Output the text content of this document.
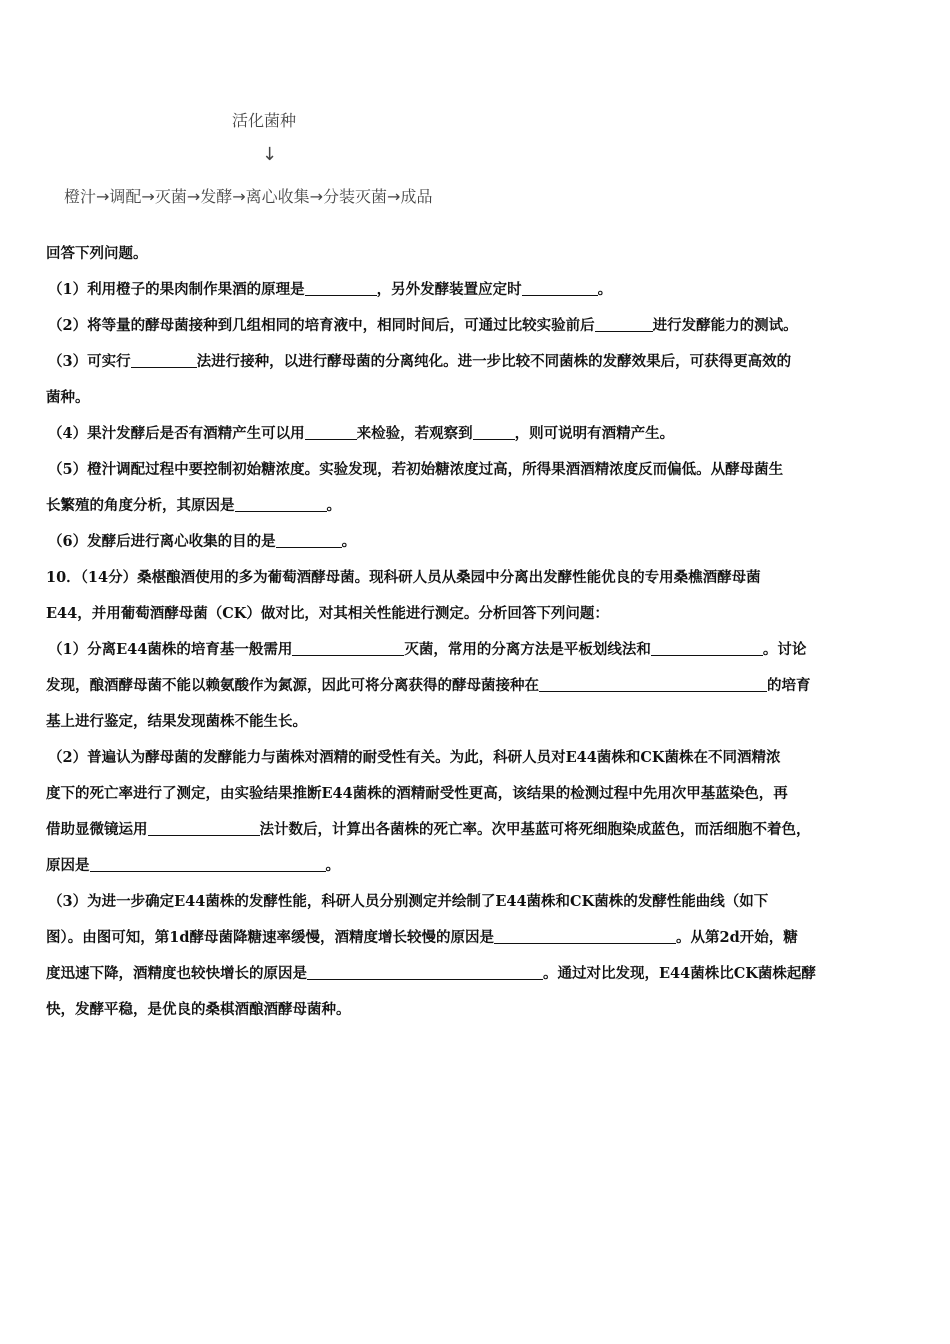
活化菌种
↓
橙汁→调配→灭菌→发酵→离心收集→分装灭菌→成品
回答下列问题。
（1）利用橙子的果肉制作果酒的原理是	，另外发酵装置应定时	。
（2）将等量的酵母菌接种到几组相同的培育液中，相同时间后，可通过比较实验前后	进行发酵能力的测试。
（3）可实行	法进行接种，以进行酵母菌的分离纯化。进一步比较不同菌株的发酵效果后，可获得更高效的
菌种。
（4）果汁发酵后是否有酒精产生可以用	来检验，若观察到	，则可说明有酒精产生。
（5）橙汁调配过程中要控制初始糖浓度。实验发现，若初始糖浓度过高，所得果酒酒精浓度反而偏低。从酵母菌生
长繁殖的角度分析，其原因是	。
（6）发酵后进行离心收集的目的是	。
10．（14分）桑椹酿酒使用的多为葡萄酒酵母菌。现科研人员从桑园中分离出发酵性能优良的专用桑樵酒酵母菌
E44，并用葡萄酒酵母菌（CK）做对比，对其相关性能进行测定。分析回答下列问题：
（1）分离E44菌株的培育基一般需用	灭菌，常用的分离方法是平板划线法和	。讨论
发现，酿酒酵母菌不能以赖氨酸作为氮源，因此可将分离获得的酵母菌接种在	的培育
基上进行鉴定，结果发现菌株不能生长。
（2）普遍认为酵母菌的发酵能力与菌株对酒精的耐受性有关。为此，科研人员对E44菌株和CK菌株在不同酒精浓
度下的死亡率进行了测定，由实验结果推断E44菌株的酒精耐受性更高，该结果的检测过程中先用次甲基蓝染色，再
借助显微镜运用	法计数后，计算出各菌株的死亡率。次甲基蓝可将死细胞染成蓝色，而活细胞不着色，
原因是	。
（3）为进一步确定E44菌株的发酵性能，科研人员分别测定并绘制了E44菌株和CK菌株的发酵性能曲线（如下
图）。由图可知，第1d酵母菌降糖速率缓慢，酒精度增长较慢的原因是	。从第2d开始，糖
度迅速下降，酒精度也较快增长的原因是	。通过对比发现，E44菌株比CK菌株起酵
快，发酵平稳，是优良的桑棋酒酿酒酵母菌种。
